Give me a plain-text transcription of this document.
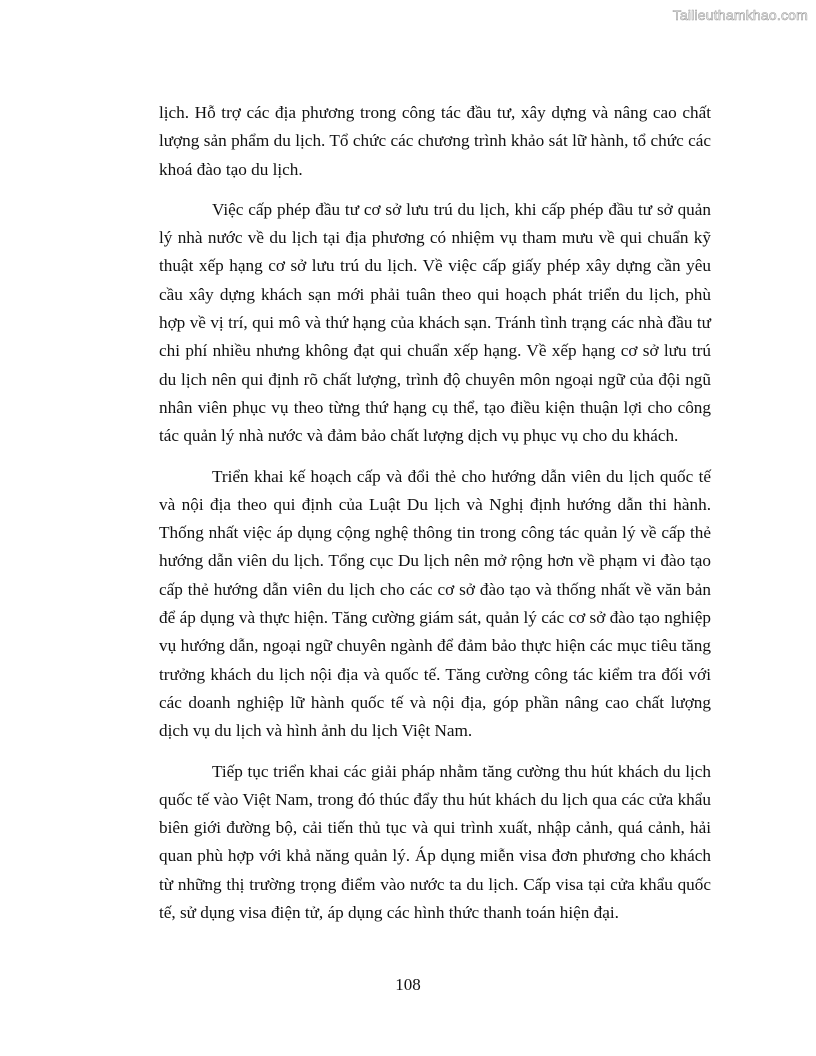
Tailieuthamkhao.com

lịch. Hỗ trợ các địa phương trong công tác đầu tư, xây dựng và nâng cao chất lượng sản phẩm du lịch. Tổ chức các chương trình khảo sát lữ hành, tổ chức các khoá đào tạo du lịch.

Việc cấp phép đầu tư cơ sở lưu trú du lịch, khi cấp phép đầu tư sở quản lý nhà nước về du lịch tại địa phương có nhiệm vụ tham mưu về qui chuẩn kỹ thuật xếp hạng cơ sở lưu trú du lịch. Về việc cấp giấy phép xây dựng cần yêu cầu xây dựng khách sạn mới phải tuân theo qui hoạch phát triển du lịch, phù hợp về vị trí, qui mô và thứ hạng của khách sạn. Tránh tình trạng các nhà đầu tư chi phí nhiều nhưng không đạt qui chuẩn xếp hạng. Về xếp hạng cơ sở lưu trú du lịch nên qui định rõ chất lượng, trình độ chuyên môn ngoại ngữ của đội ngũ nhân viên phục vụ theo từng thứ hạng cụ thể, tạo điều kiện thuận lợi cho công tác quản lý nhà nước và đảm bảo chất lượng dịch vụ phục vụ cho du khách.

Triển khai kế hoạch cấp và đổi thẻ cho hướng dẫn viên du lịch quốc tế và nội địa theo qui định của Luật Du lịch và Nghị định hướng dẫn thi hành. Thống nhất việc áp dụng cộng nghệ thông tin trong công tác quản lý về cấp thẻ hướng dẫn viên du lịch. Tổng cục Du lịch nên mở rộng hơn về phạm vi đào tạo cấp thẻ hướng dẫn viên du lịch cho các cơ sở đào tạo và thống nhất về văn bản để áp dụng và thực hiện. Tăng cường giám sát, quản lý các cơ sở đào tạo nghiệp vụ hướng dẫn, ngoại ngữ chuyên ngành để đảm bảo thực hiện các mục tiêu tăng trưởng khách du lịch nội địa và quốc tế. Tăng cường công tác kiểm tra đối với các doanh nghiệp lữ hành quốc tế và nội địa, góp phần nâng cao chất lượng dịch vụ du lịch và hình ảnh du lịch Việt Nam.

Tiếp tục triển khai các giải pháp nhằm tăng cường thu hút khách du lịch quốc tế vào Việt Nam, trong đó thúc đẩy thu hút khách du lịch qua các cửa khẩu biên giới đường bộ, cải tiến thủ tục và qui trình xuất, nhập cảnh, quá cảnh, hải quan phù hợp với khả năng quản lý. Áp dụng miễn visa đơn phương cho khách từ những thị trường trọng điểm vào nước ta du lịch. Cấp visa tại cửa khẩu quốc tế, sử dụng visa điện tử, áp dụng các hình thức thanh toán hiện đại.

108
